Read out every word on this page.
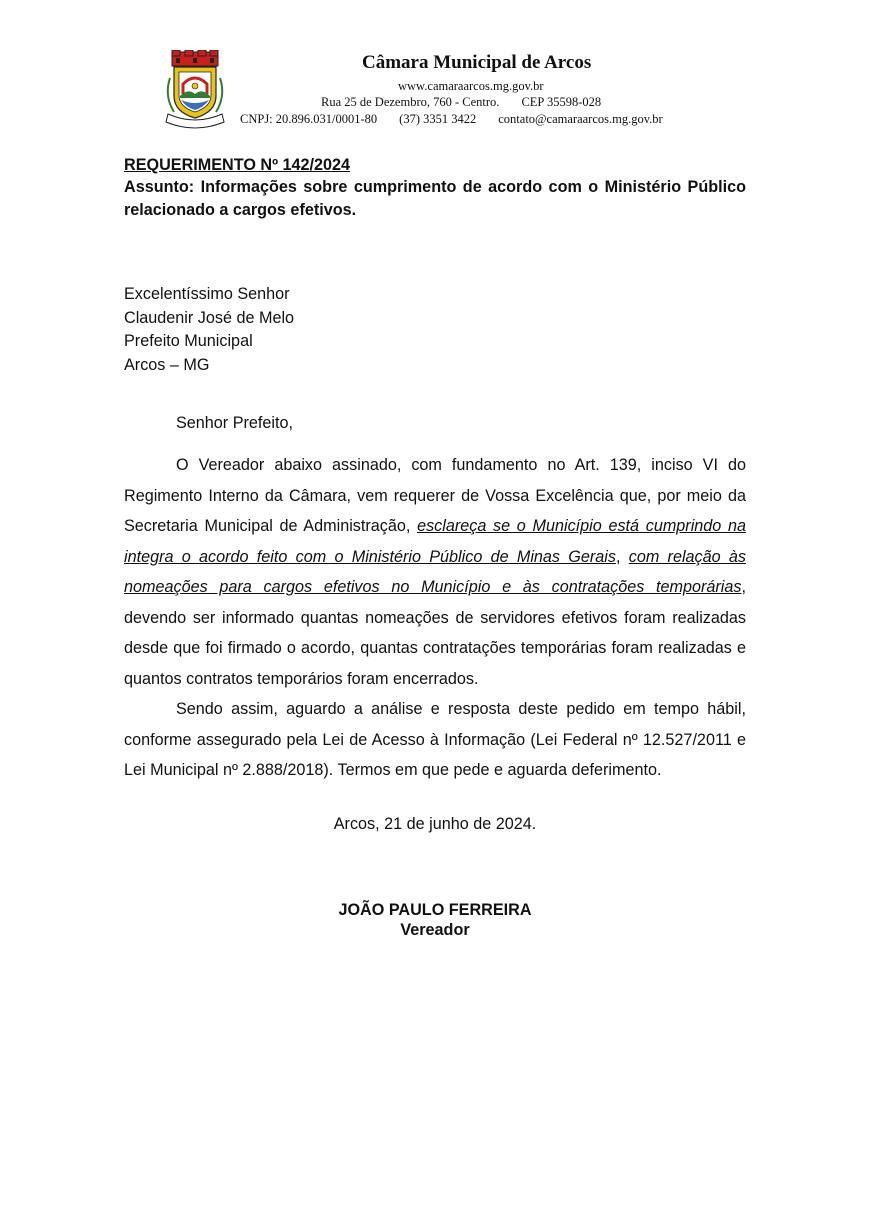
Câmara Municipal de Arcos
www.camaraarcos.mg.gov.br
Rua 25 de Dezembro, 760 - Centro. CEP 35598-028
CNPJ: 20.896.031/0001-80 (37) 3351 3422 contato@camaraarcos.mg.gov.br
REQUERIMENTO Nº 142/2024
Assunto: Informações sobre cumprimento de acordo com o Ministério Público relacionado a cargos efetivos.
Excelentíssimo Senhor
Claudenir José de Melo
Prefeito Municipal
Arcos – MG
Senhor Prefeito,
O Vereador abaixo assinado, com fundamento no Art. 139, inciso VI do Regimento Interno da Câmara, vem requerer de Vossa Excelência que, por meio da Secretaria Municipal de Administração, esclareça se o Município está cumprindo na integra o acordo feito com o Ministério Público de Minas Gerais, com relação às nomeações para cargos efetivos no Município e às contratações temporárias, devendo ser informado quantas nomeações de servidores efetivos foram realizadas desde que foi firmado o acordo, quantas contratações temporárias foram realizadas e quantos contratos temporários foram encerrados.
Sendo assim, aguardo a análise e resposta deste pedido em tempo hábil, conforme assegurado pela Lei de Acesso à Informação (Lei Federal nº 12.527/2011 e Lei Municipal nº 2.888/2018). Termos em que pede e aguarda deferimento.
Arcos, 21 de junho de 2024.
JOÃO PAULO FERREIRA
Vereador
